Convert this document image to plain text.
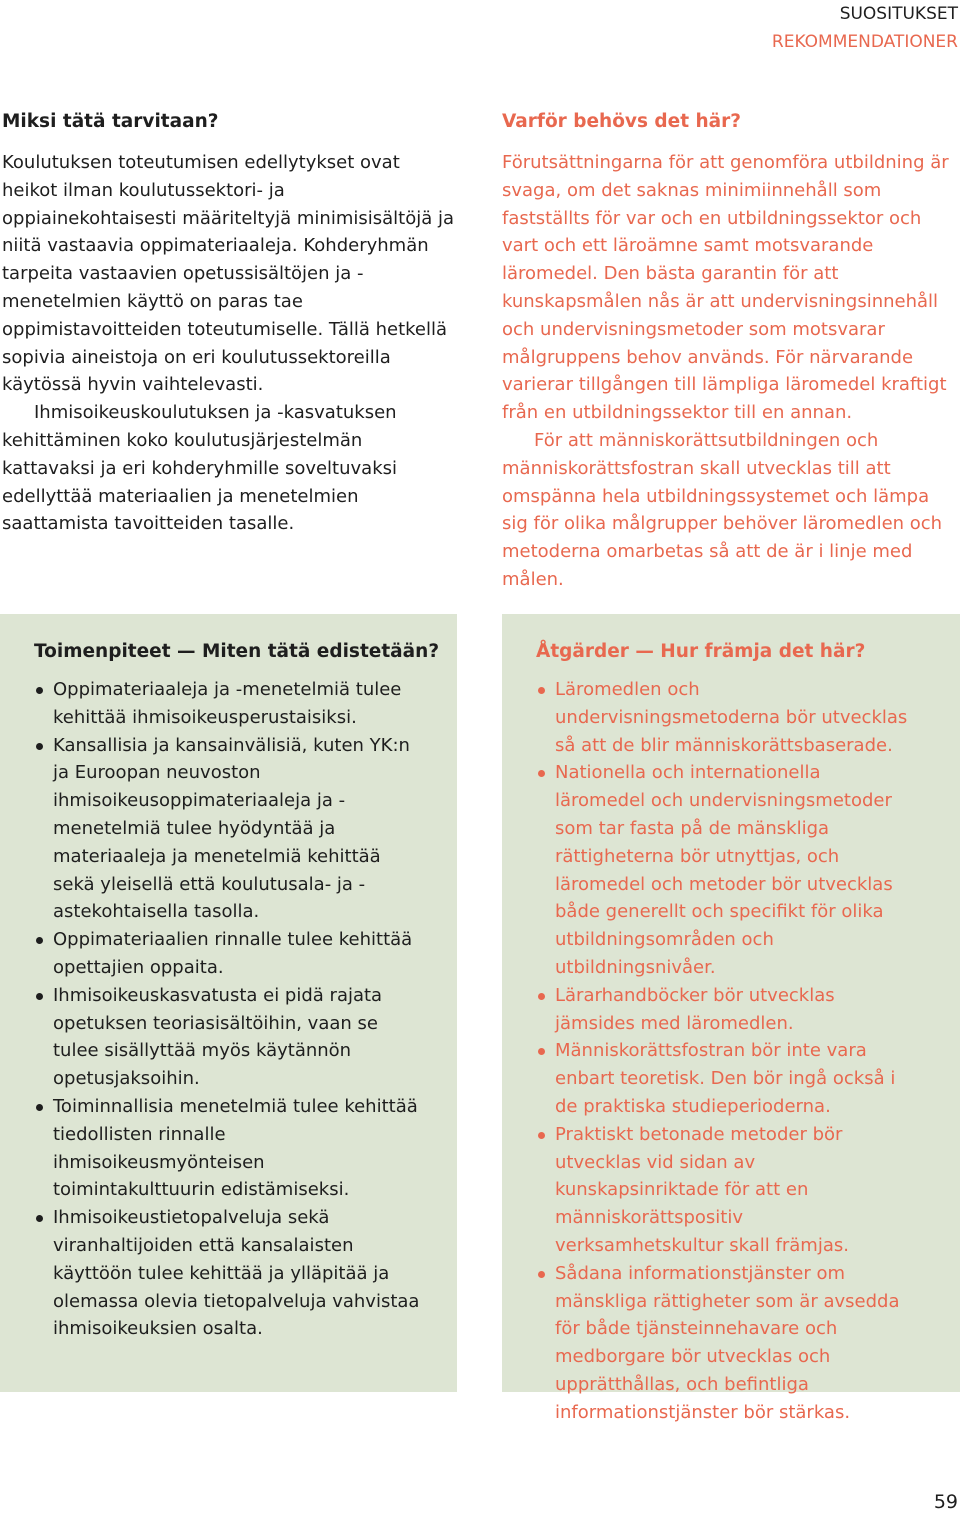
SUOSITUKSET
REKOMMENDATIONER
Miksi tätä tarvitaan?

Koulutuksen toteutumisen edellytykset ovat heikot ilman koulutussektori- ja oppiainekohtaisesti määriteltyjä minimisisältöjä ja niitä vastaavia oppimateriaaleja. Kohderyhmän tarpeita vastaavien opetussisältöjen ja -menetelmien käyttö on paras tae oppimistavoitteiden toteutumiselle. Tällä hetkellä sopivia aineistoja on eri koulutussektoreilla käytössä hyvin vaihtelevasti.

Ihmisoikeuskoulutuksen ja -kasvatuksen kehittäminen koko koulutusjärjestelmän kattavaksi ja eri kohderyhmille soveltuvaksi edellyttää materiaalien ja menetelmien saattamista tavoitteiden tasalle.

Varför behövs det här?

Förutsättningarna för att genomföra utbildning är svaga, om det saknas minimiinnehåll som fastställts för var och en utbildningssektor och vart och ett läroämne samt motsvarande läromedel. Den bästa garantin för att kunskapsmålen nås är att undervisningsinnehåll och undervisningsmetoder som motsvarar målgruppens behov används. För närvarande varierar tillgången till lämpliga läromedel kraftigt från en utbildningssektor till en annan.

För att människorättsutbildningen och människorättsfostran skall utvecklas till att omspänna hela utbildningssystemet och lämpa sig för olika målgrupper behöver läromedlen och metoderna omarbetas så att de är i linje med målen.

Toimenpiteet — Miten tätä edistetään?
Oppimateriaaleja ja -menetelmiä tulee kehittää ihmisoikeusperustaisiksi.
Kansallisia ja kansainvälisiä, kuten YK:n ja Euroopan neuvoston ihmisoikeusoppimateriaaleja ja -menetelmiä tulee hyödyntää ja materiaaleja ja menetelmiä kehittää sekä yleisellä että koulutusala- ja -astekohtaisella tasolla.
Oppimateriaalien rinnalle tulee kehittää opettajien oppaita.
Ihmisoikeuskasvatusta ei pidä rajata opetuksen teoriasisältöihin, vaan se tulee sisällyttää myös käytännön opetusjaksoihin.
Toiminnallisia menetelmiä tulee kehittää tiedollisten rinnalle ihmisoikeusmyönteisen toimintakulttuurin edistämiseksi.
Ihmisoikeustietopalveluja sekä viranhaltijoiden että kansalaisten käyttöön tulee kehittää ja ylläpitää ja olemassa olevia tietopalveluja vahvistaa ihmisoikeuksien osalta.
Åtgärder — Hur främja det här?
Läromedlen och undervisningsmetoderna bör utvecklas så att de blir människorättsbaserade.
Nationella och internationella läromedel och undervisningsmetoder som tar fasta på de mänskliga rättigheterna bör utnyttjas, och läromedel och metoder bör utvecklas både generellt och specifikt för olika utbildningsområden och utbildningsnivåer.
Lärarhandböcker bör utvecklas jämsides med läromedlen.
Människorättsfostran bör inte vara enbart teoretisk. Den bör ingå också i de praktiska studieperioderna.
Praktiskt betonade metoder bör utvecklas vid sidan av kunskapsinriktade för att en människorättspositiv verksamhetskultur skall främjas.
Sådana informationstjänster om mänskliga rättigheter som är avsedda för både tjänsteinnehavare och medborgare bör utvecklas och upprätthållas, och befintliga informationstjänster bör stärkas.
59
